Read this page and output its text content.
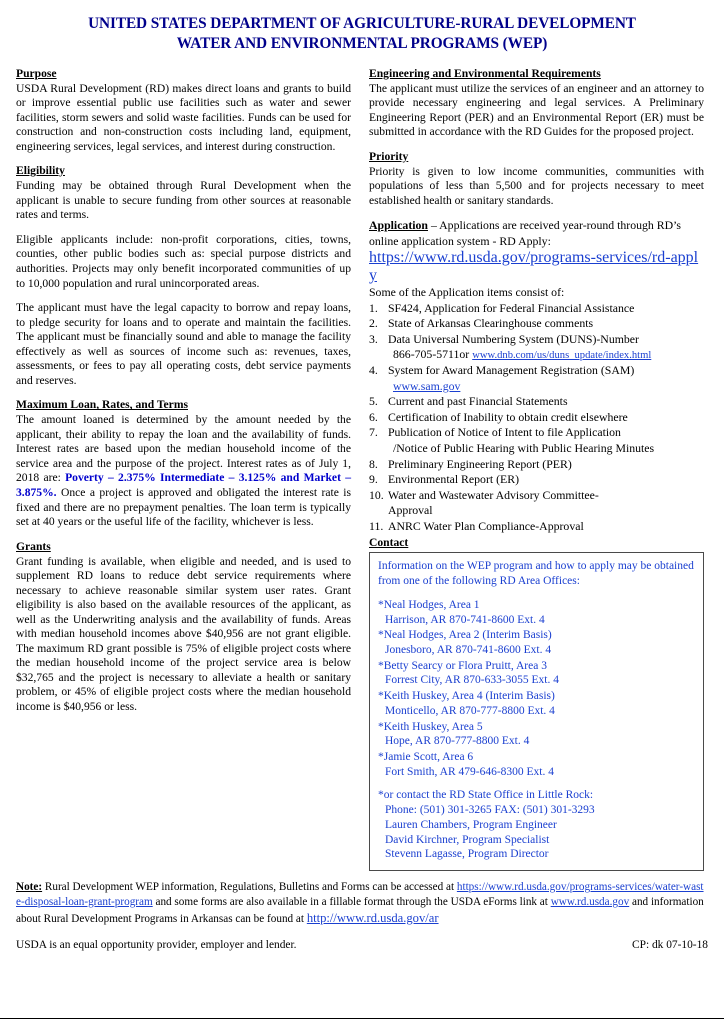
UNITED STATES DEPARTMENT OF AGRICULTURE-RURAL DEVELOPMENT
WATER AND ENVIRONMENTAL PROGRAMS (WEP)
Purpose

USDA Rural Development (RD) makes direct loans and grants to build or improve essential public use facilities such as water and sewer facilities, storm sewers and solid waste facilities. Funds can be used for construction and non-construction costs including land, equipment, engineering services, legal services, and interest during construction.

Eligibility

Funding may be obtained through Rural Development when the applicant is unable to secure funding from other sources at reasonable rates and terms.

Eligible applicants include: non-profit corporations, cities, towns, counties, other public bodies such as: special purpose districts and authorities. Projects may only benefit incorporated communities of up to 10,000 population and rural unincorporated areas.

The applicant must have the legal capacity to borrow and repay loans, to pledge security for loans and to operate and maintain the facilities. The applicant must be financially sound and able to manage the facility effectively as well as sources of income such as: revenues, taxes, assessments, or fees to pay all operating costs, debt service payments and reserves.

Maximum Loan, Rates, and Terms

The amount loaned is determined by the amount needed by the applicant, their ability to repay the loan and the availability of funds. Interest rates are based upon the median household income of the service area and the purpose of the project. Interest rates as of July 1, 2018 are: Poverty – 2.375% Intermediate – 3.125% and Market – 3.875%. Once a project is approved and obligated the interest rate is fixed and there are no prepayment penalties. The loan term is typically set at 40 years or the useful life of the facility, whichever is less.

Grants

Grant funding is available, when eligible and needed, and is used to supplement RD loans to reduce debt service requirements where necessary to achieve reasonable similar system user rates. Grant eligibility is also based on the available resources of the applicant, as well as the Underwriting analysis and the availability of funds. Areas with median household incomes above $40,956 are not grant eligible. The maximum RD grant possible is 75% of eligible project costs where the median household income of the project service area is below $32,765 and the project is necessary to alleviate a health or sanitary problem, or 45% of eligible project costs where the median household income is $40,956 or less.

Engineering and Environmental Requirements

The applicant must utilize the services of an engineer and an attorney to provide necessary engineering and legal services. A Preliminary Engineering Report (PER) and an Environmental Report (ER) must be submitted in accordance with the RD Guides for the proposed project.

Priority

Priority is given to low income communities, communities with populations of less than 5,500 and for projects necessary to meet established health or sanitary standards.

Application – Applications are received year-round through RD’s online application system - RD Apply:

https://www.rd.usda.gov/programs-services/rd-apply

Some of the Application items consist of:

1. SF424, Application for Federal Financial Assistance
2. State of Arkansas Clearinghouse comments
3. Data Universal Numbering System (DUNS)-Number
866-705-5711or www.dnb.com/us/duns_update/index.html
4. System for Award Management Registration (SAM)
www.sam.gov
5. Current and past Financial Statements
6. Certification of Inability to obtain credit elsewhere
7. Publication of Notice of Intent to file Application
/Notice of Public Hearing with Public Hearing Minutes
8. Preliminary Engineering Report (PER)
9. Environmental Report (ER)
10. Water and Wastewater Advisory Committee-
Approval
11. ANRC Water Plan Compliance-Approval
Contact
Information on the WEP program and how to apply may be obtained from one of the following RD Area Offices:
*Neal Hodges, Area 1
Harrison, AR 870-741-8600 Ext. 4
*Neal Hodges, Area 2 (Interim Basis)
Jonesboro, AR 870-741-8600 Ext. 4
*Betty Searcy or Flora Pruitt, Area 3
Forrest City, AR 870-633-3055 Ext. 4
*Keith Huskey, Area 4 (Interim Basis)
Monticello, AR 870-777-8800 Ext. 4
*Keith Huskey, Area 5
Hope, AR 870-777-8800 Ext. 4
*Jamie Scott, Area 6
Fort Smith, AR 479-646-8300 Ext. 4
*or contact the RD State Office in Little Rock:
Phone: (501) 301-3265 FAX: (501) 301-3293
Lauren Chambers, Program Engineer
David Kirchner, Program Specialist
Stevenn Lagasse, Program Director
Note: Rural Development WEP information, Regulations, Bulletins and Forms can be accessed at https://www.rd.usda.gov/programs-services/water-waste-disposal-loan-grant-program and some forms are also available in a fillable format through the USDA eForms link at www.rd.usda.gov and information about Rural Development Programs in Arkansas can be found at http://www.rd.usda.gov/ar
USDA is an equal opportunity provider, employer and lender.	CP: dk 07-10-18
